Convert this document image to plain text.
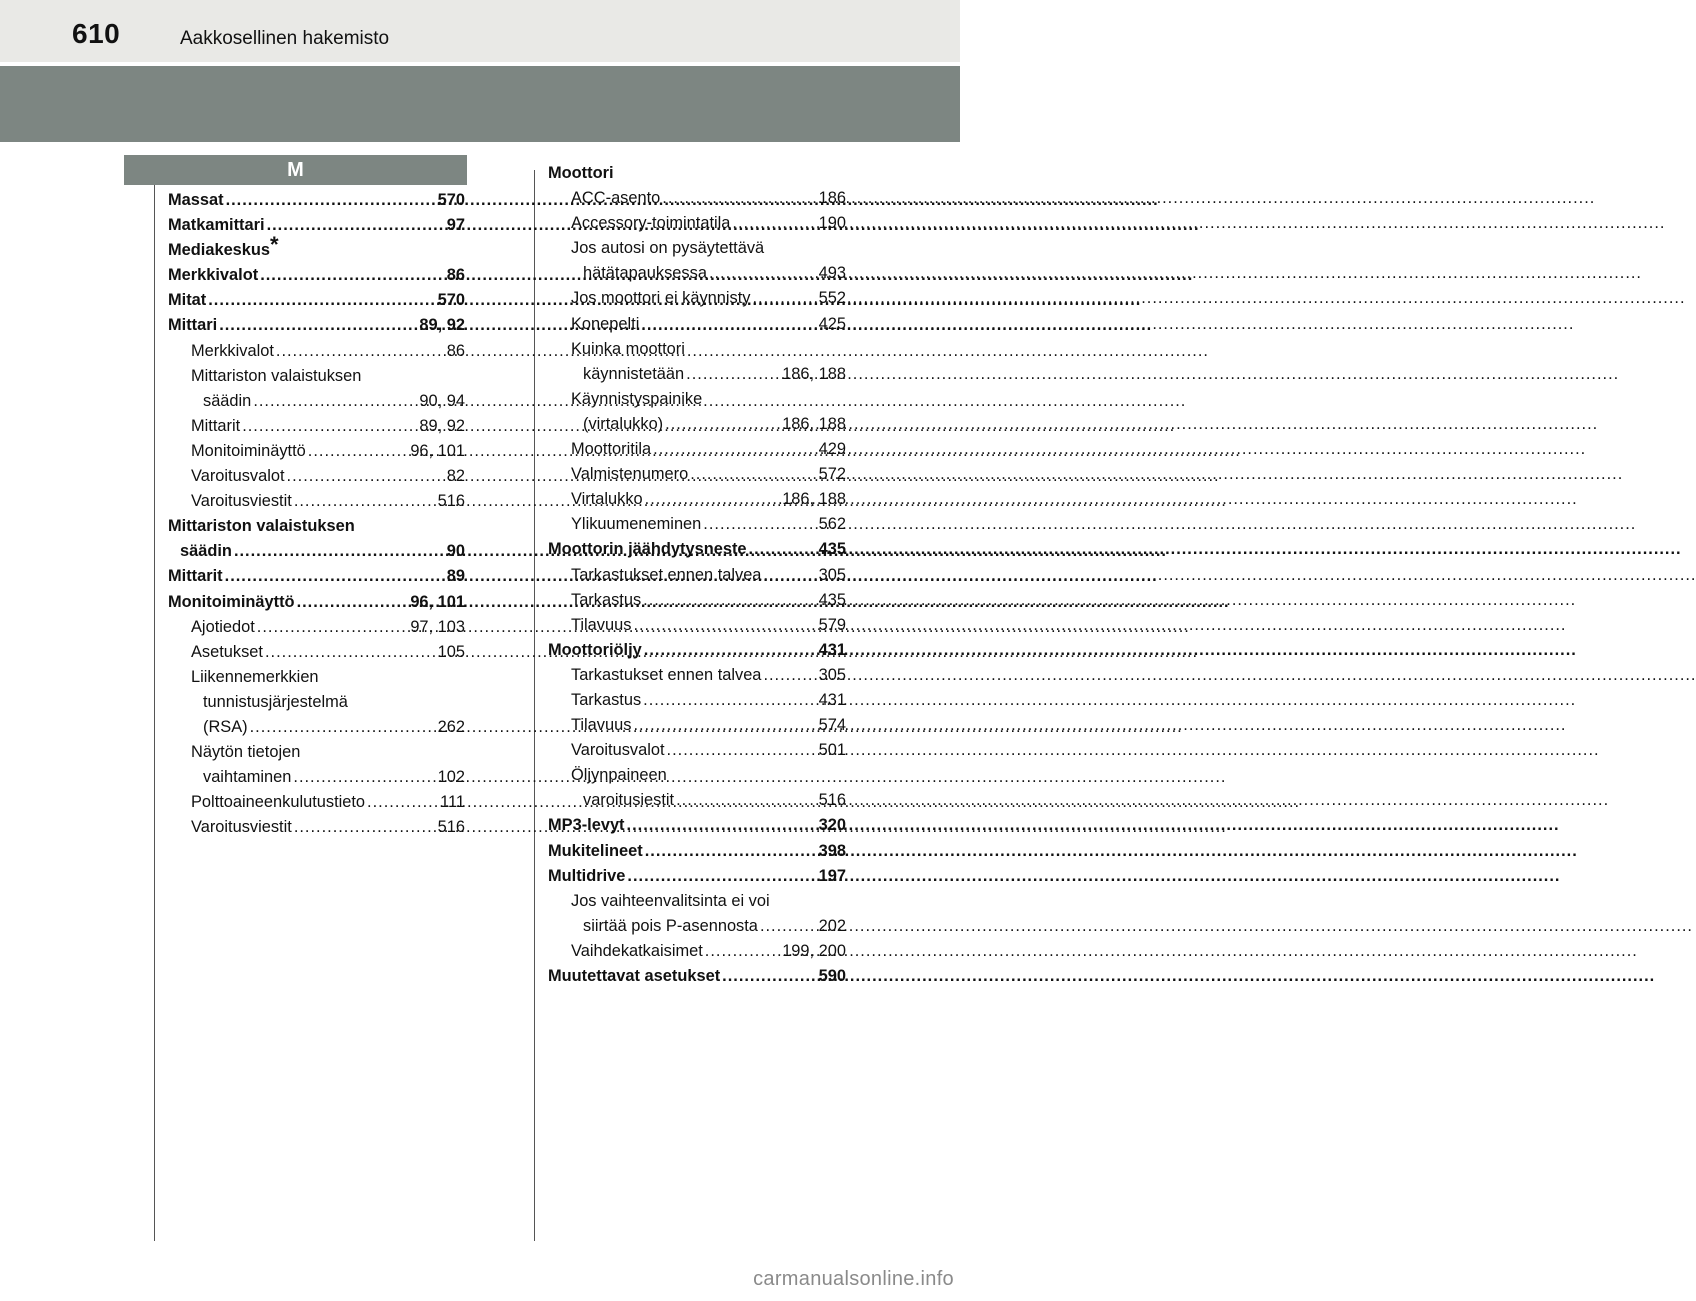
610	Aakkosellinen hakemisto
M
Massat .....	570
Matkamittari .....	97
Mediakeskus*
Merkkivalot .....	86
Mitat .....	570
Mittari .....	89, 92
Merkkivalot .....	86
Mittariston valaistuksen
säädin .....	90, 94
Mittarit .....	89, 92
Monitoiminäyttö .....	96, 101
Varoitusvalot .....	82
Varoitusviestit .....	516
Mittariston valaistuksen
säädin .....	90
Mittarit .....	89
Monitoiminäyttö .....	96, 101
Ajotiedot .....	97, 103
Asetukset .....	105
Liikennemerkkien
tunnistusjärjestelmä
(RSA) .....	262
Näytön tietojen
vaihtaminen .....	102
Polttoaineenkulutustieto .....	111
Varoitusviestit .....	516
Moottori
ACC-asento .....	186
Accessory-toimintatila .....	190
Jos autosi on pysäytettävä
hätätapauksessa .....	493
Jos moottori ei käynnisty .....	552
Konepelti .....	425
Kuinka moottori
käynnistetään .....	186, 188
Käynnistyspainike
(virtalukko) .....	186, 188
Moottoritila .....	429
Valmistenumero .....	572
Virtalukko .....	186, 188
Ylikuumeneminen .....	562
Moottorin jäähdytysneste .....	435
Tarkastukset ennen talvea .....	305
Tarkastus .....	435
Tilavuus .....	579
Moottoriöljy .....	431
Tarkastukset ennen talvea .....	305
Tarkastus .....	431
Tilavuus .....	574
Varoitusvalot .....	501
Öljynpaineen
varoitusiestit .....	516
MP3-levyt .....	320
Mukitelineet .....	398
Multidrive .....	197
Jos vaihteenvalitsinta ei voi
siirtää pois P-asennosta .....	202
Vaihdekatkaisimet .....	199, 200
Muutettavat asetukset .....	590
carmanualsonline.info
